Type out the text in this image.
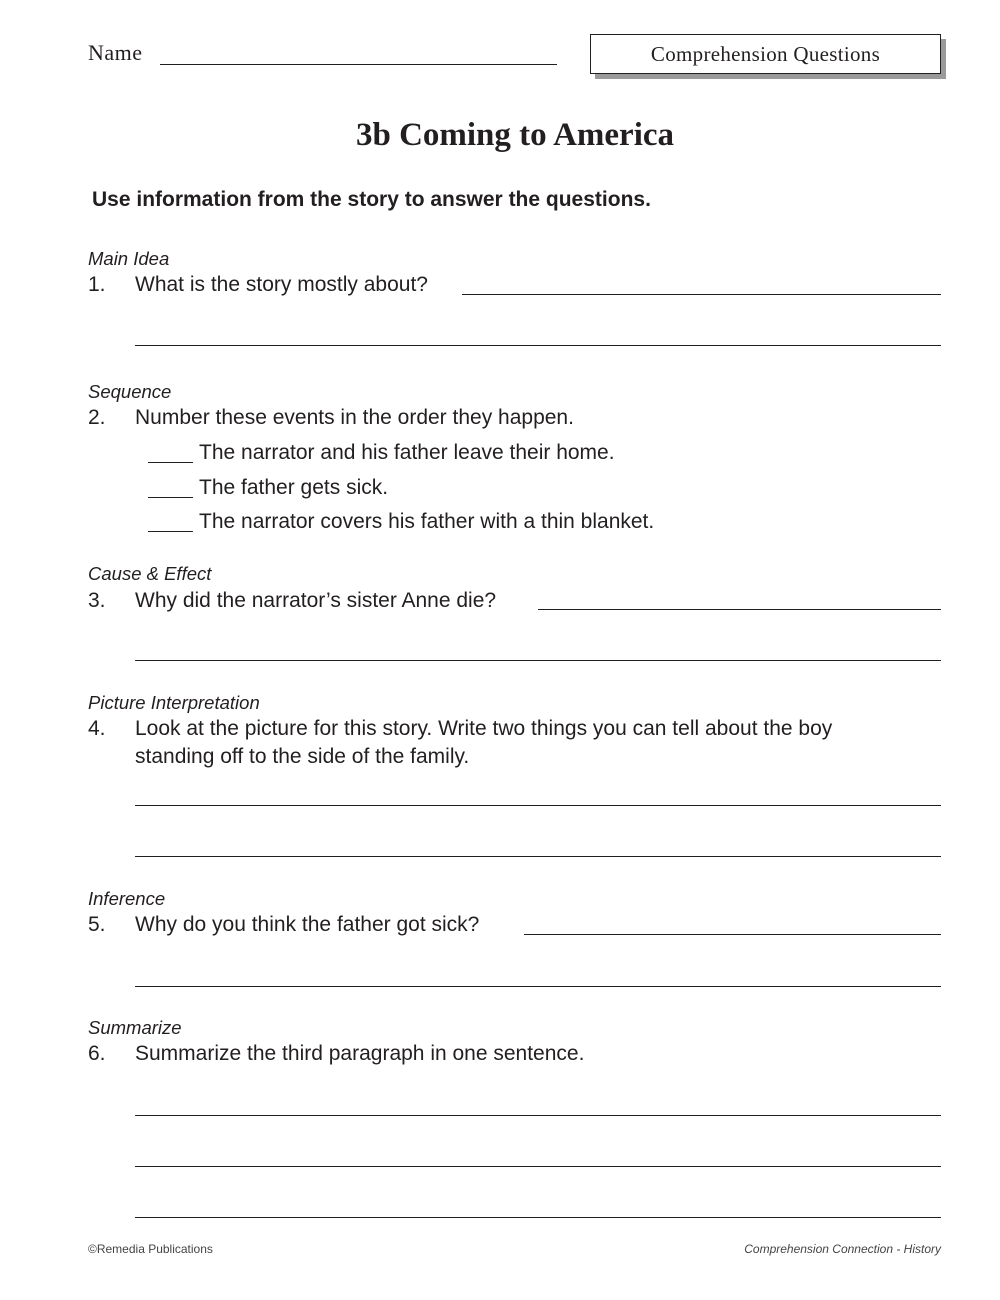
Name	Comprehension Questions
3b Coming to America
Use information from the story to answer the questions.
Main Idea
1. What is the story mostly about?
Sequence
2. Number these events in the order they happen.
The narrator and his father leave their home.
The father gets sick.
The narrator covers his father with a thin blanket.
Cause & Effect
3. Why did the narrator’s sister Anne die?
Picture Interpretation
4. Look at the picture for this story. Write two things you can tell about the boy
standing off to the side of the family.
Inference
5. Why do you think the father got sick?
Summarize
6. Summarize the third paragraph in one sentence.
©Remedia Publications	Comprehension Connection - History
